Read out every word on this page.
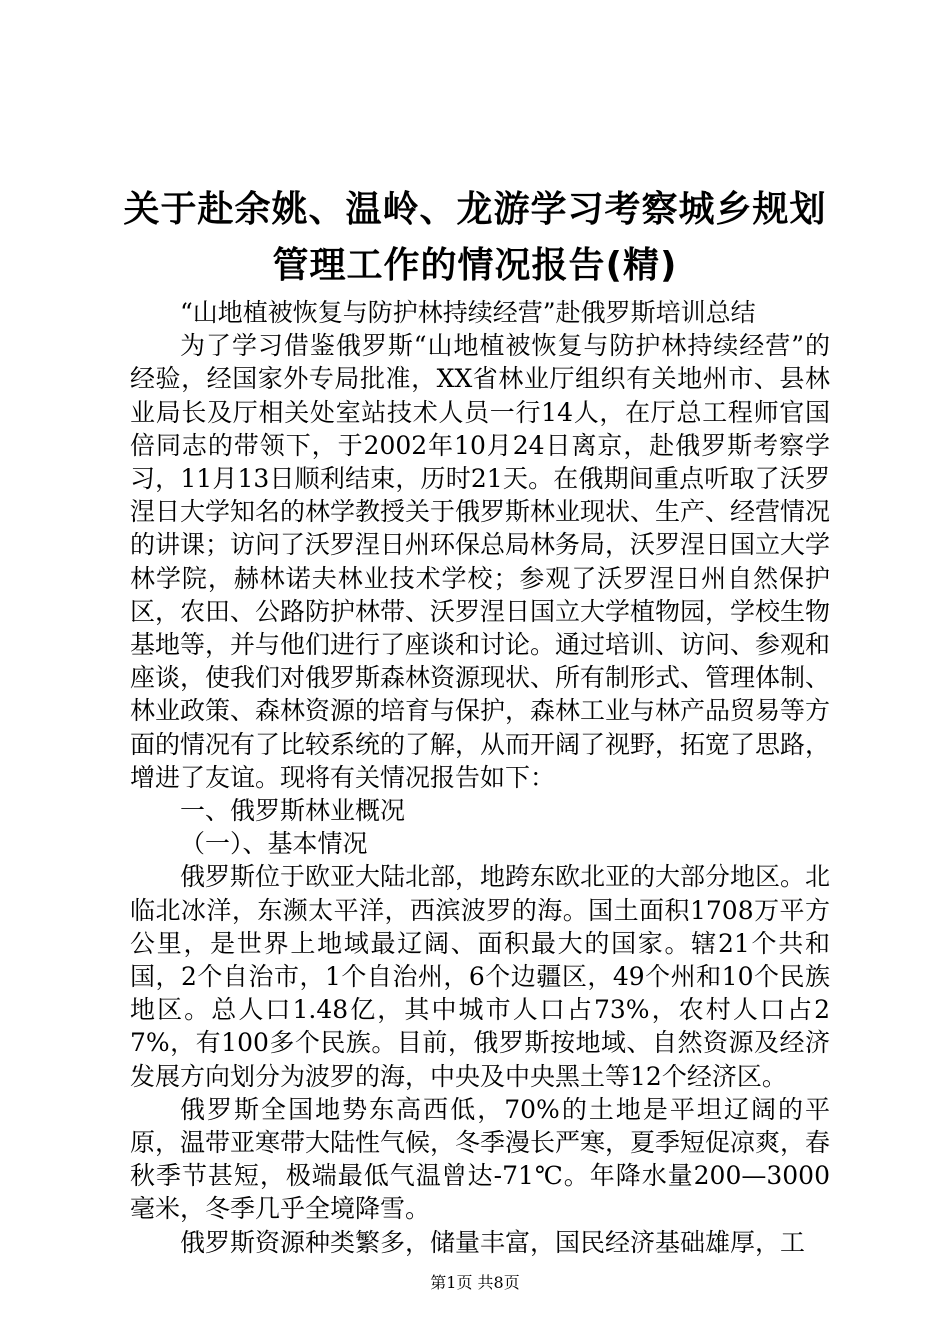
关于赴余姚、温岭、龙游学习考察城乡规划管理工作的情况报告(精)

“山地植被恢复与防护林持续经营”赴俄罗斯培训总结

为了学习借鉴俄罗斯“山地植被恢复与防护林持续经营”的经验，经国家外专局批准，XX省林业厅组织有关地州市、县林业局长及厅相关处室站技术人员一行14人，在厅总工程师官国倍同志的带领下，于2002年10月24日离京，赴俄罗斯考察学习，11月13日顺利结束，历时21天。在俄期间重点听取了沃罗涅日大学知名的林学教授关于俄罗斯林业现状、生产、经营情况的讲课；访问了沃罗涅日州环保总局林务局，沃罗涅日国立大学林学院，赫林诺夫林业技术学校；参观了沃罗涅日州自然保护区，农田、公路防护林带、沃罗涅日国立大学植物园，学校生物基地等，并与他们进行了座谈和讨论。通过培训、访问、参观和座谈，使我们对俄罗斯森林资源现状、所有制形式、管理体制、林业政策、森林资源的培育与保护，森林工业与林产品贸易等方面的情况有了比较系统的了解，从而开阔了视野，拓宽了思路，增进了友谊。现将有关情况报告如下：

一、俄罗斯林业概况

（一）、基本情况

俄罗斯位于欧亚大陆北部，地跨东欧北亚的大部分地区。北临北冰洋，东濒太平洋，西滨波罗的海。国土面积1708万平方公里，是世界上地域最辽阔、面积最大的国家。辖21个共和国，2个自治市，1个自治州，6个边疆区，49个州和10个民族地区。总人口1.48亿，其中城市人口占73%，农村人口占27%，有100多个民族。目前，俄罗斯按地域、自然资源及经济发展方向划分为波罗的海，中央及中央黑土等12个经济区。

俄罗斯全国地势东高西低，70%的土地是平坦辽阔的平原，温带亚寒带大陆性气候，冬季漫长严寒，夏季短促凉爽，春秋季节甚短，极端最低气温曾达-71℃。年降水量200—3000毫米，冬季几乎全境降雪。

俄罗斯资源种类繁多，储量丰富，国民经济基础雄厚，工

第1页 共8页
